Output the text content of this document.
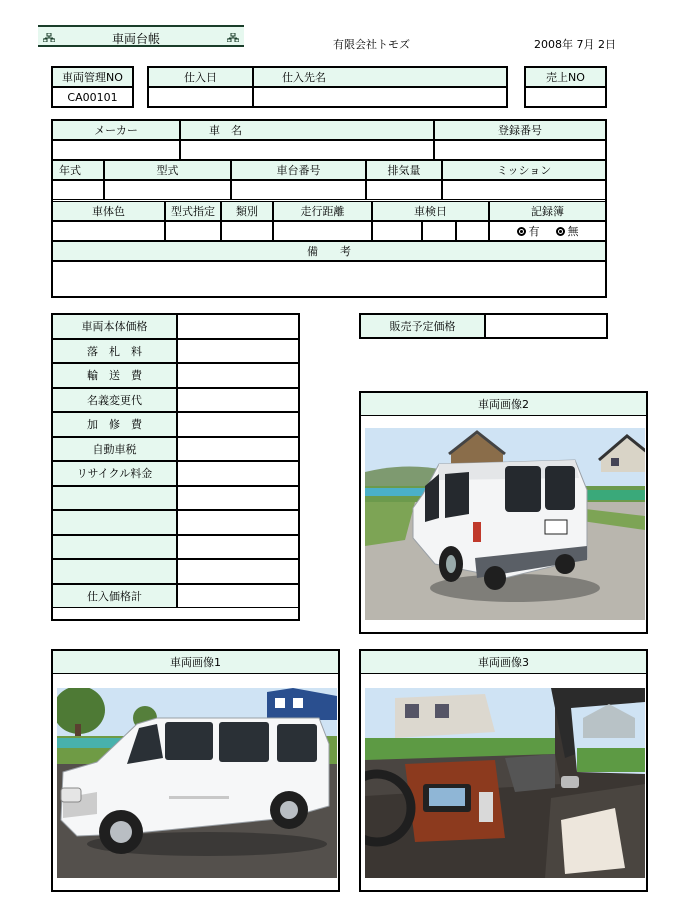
車両台帳	有限会社トモズ	2008年 7月 2日
車両管理NO
CA00101
仕入日	仕入先名	売上NO
メーカー	車　名	登録番号
年式	型式	車台番号	排気量	ミッション
車体色	型式指定	類別	走行距離	車検日	記録簿
有	無
備　　考
車両本体価格
落　札　料
輸　送　費
名義変更代
加　修　費
自動車税
リサイクル料金
仕入価格計
販売予定価格
車両画像2
車両画像1	車両画像3
